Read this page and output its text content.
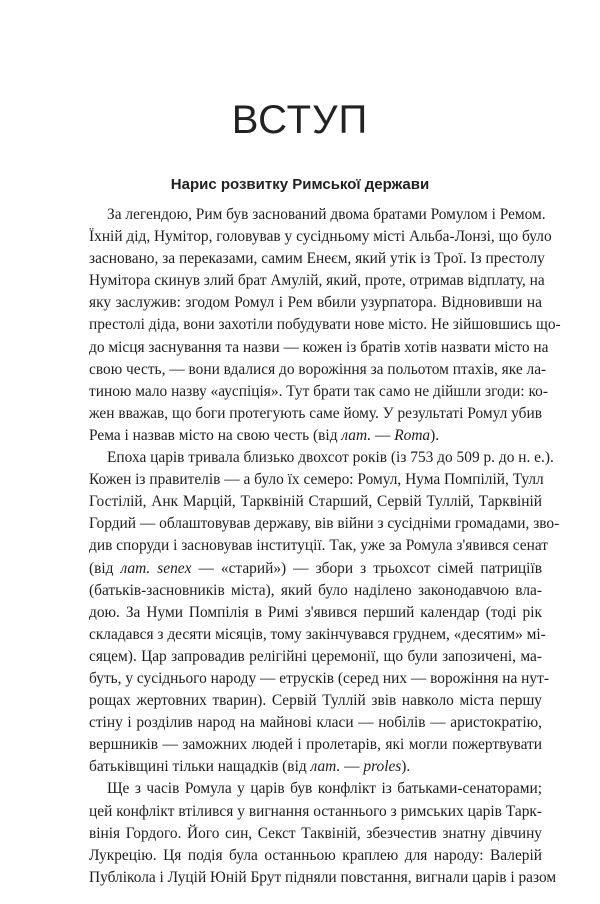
ВСТУП
Нарис розвитку Римської держави

За легендою, Рим був заснований двома братами Ромулом і Ремом.
Їхній дід, Нумітор, головував у сусідньому місті Альба-Лонзі, що було
засновано, за переказами, самим Енеєм, який утік із Трої. Із престолу
Нумітора скинув злий брат Амулій, який, проте, отримав відплату, на
яку заслужив: згодом Ромул і Рем вбили узурпатора. Відновивши на
престолі діда, вони захотіли побудувати нове місто. Не зійшовшись що-
до місця заснування та назви — кожен із братів хотів назвати місто на
свою честь, — вони вдалися до ворожіння за польотом птахів, яке ла-
тиною мало назву «ауспіція». Тут брати так само не дійшли згоди: ко-
жен вважав, що боги протегують саме йому. У результаті Ромул убив
Рема і назвав місто на свою честь (від лат. — Roma).

Епоха царів тривала близько двохсот років (із 753 до 509 р. до н. е.).
Кожен із правителів — а було їх семеро: Ромул, Нума Помпілій, Тулл
Гостілій, Анк Марцій, Тарквіній Старший, Сервій Туллій, Тарквіній
Гордий — облаштовував державу, вів війни з сусідніми громадами, зво-
див споруди і засновував інституції. Так, уже за Ромула з'явився сенат
(від лат. senex — «старий») — збори з трьохсот сімей патриціїв
(батьків-засновників міста), який було наділено законодавчою вла-
дою. За Нуми Помпілія в Римі з'явився перший календар (тоді рік
складався з десяти місяців, тому закінчувався груднем, «десятим» мі-
сяцем). Цар запровадив релігійні церемонії, що були запозичені, ма-
буть, у сусіднього народу — етрусків (серед них — ворожіння на нут-
рощах жертовних тварин). Сервій Туллій звів навколо міста першу
стіну і розділив народ на майнові класи — нобілів — аристократію,
вершників — заможних людей і пролетарів, які могли пожертвувати
батьківщині тільки нащадків (від лат. — proles).

Ще з часів Ромула у царів був конфлікт із батьками-сенаторами;
цей конфлікт втілився у вигнання останнього з римських царів Тарк-
вінія Гордого. Його син, Секст Таквіній, збезчестив знатну дівчину
Лукрецію. Ця подія була останньою краплею для народу: Валерій
Публікола і Луцій Юній Брут підняли повстання, вигнали царів і разом
